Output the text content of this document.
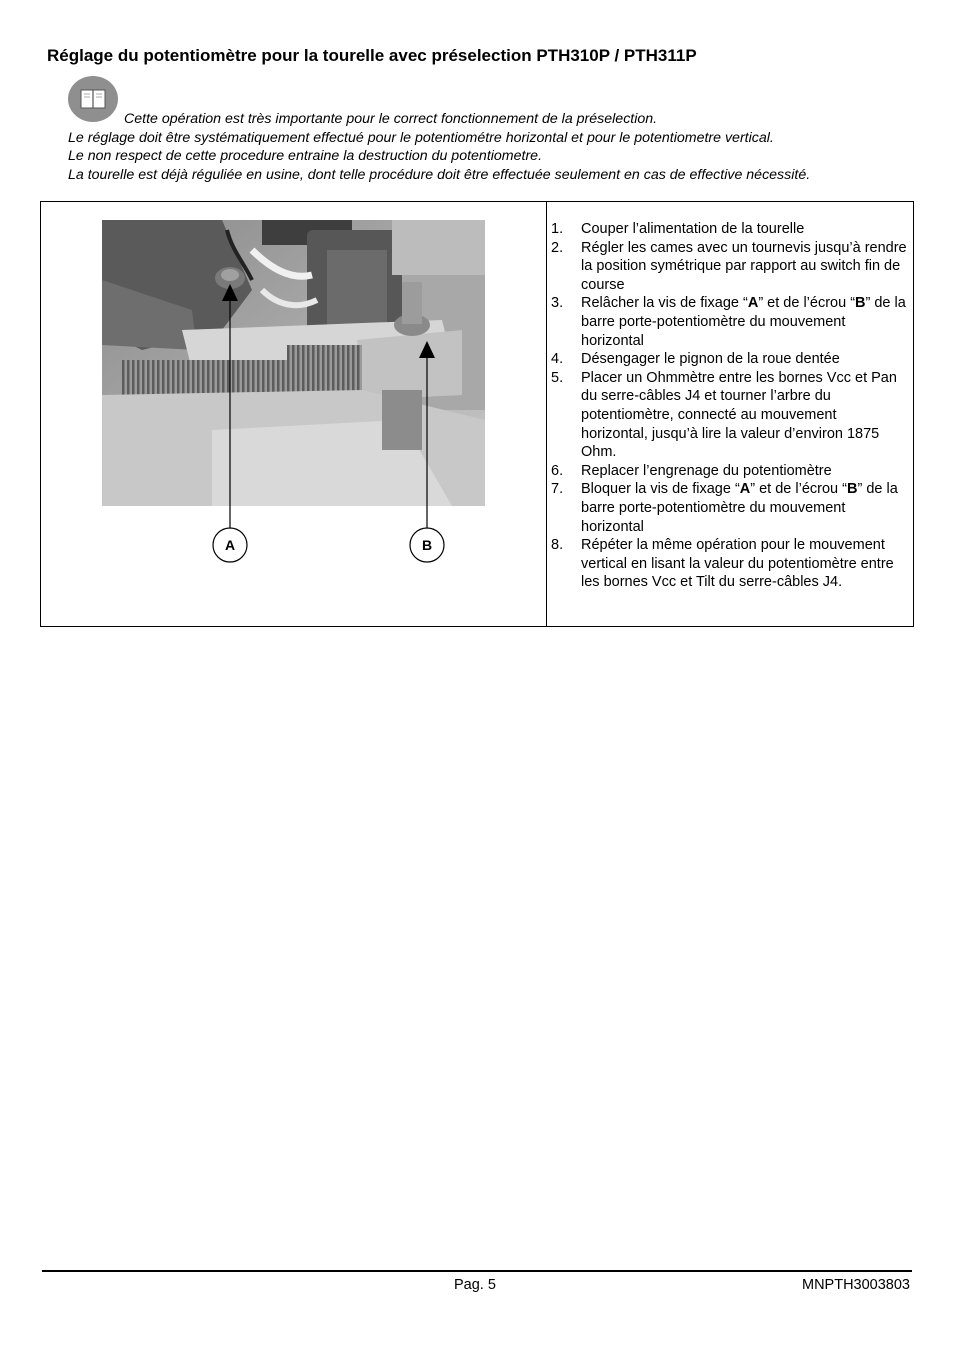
Réglage du potentiomètre pour la tourelle avec préselection PTH310P / PTH311P
Cette opération est très importante pour le correct fonctionnement de la préselection.
Le réglage doit être systématiquement effectué pour le potentiométre horizontal et pour le potentiometre vertical.
Le non respect de cette procedure entraine la destruction du potentiometre.
La tourelle est déjà réguliée en usine, dont telle procédure doit être effectuée seulement en cas de effective nécessité.
A	B
1. Couper l’alimentation de la tourelle
2. Régler les cames avec un tournevis jusqu’à rendre la position symétrique par rapport au switch fin de course
3. Relâcher la vis de fixage “A” et de l’écrou “B” de la barre porte-potentiomètre du mouvement horizontal
4. Désengager le pignon de la roue dentée
5. Placer un Ohmmètre entre les bornes Vcc et Pan du serre-câbles J4 et tourner l’arbre du potentiomètre, connecté au mouvement horizontal, jusqu’à lire la valeur d’environ 1875 Ohm.
6. Replacer l’engrenage du potentiomètre
7. Bloquer la vis de fixage “A” et de l’écrou “B” de la barre porte-potentiomètre du mouvement horizontal
8. Répéter la même opération pour le mouvement vertical en lisant la valeur du potentiomètre entre les bornes Vcc et Tilt du serre-câbles J4.
Pag. 5	MNPTH3003803
